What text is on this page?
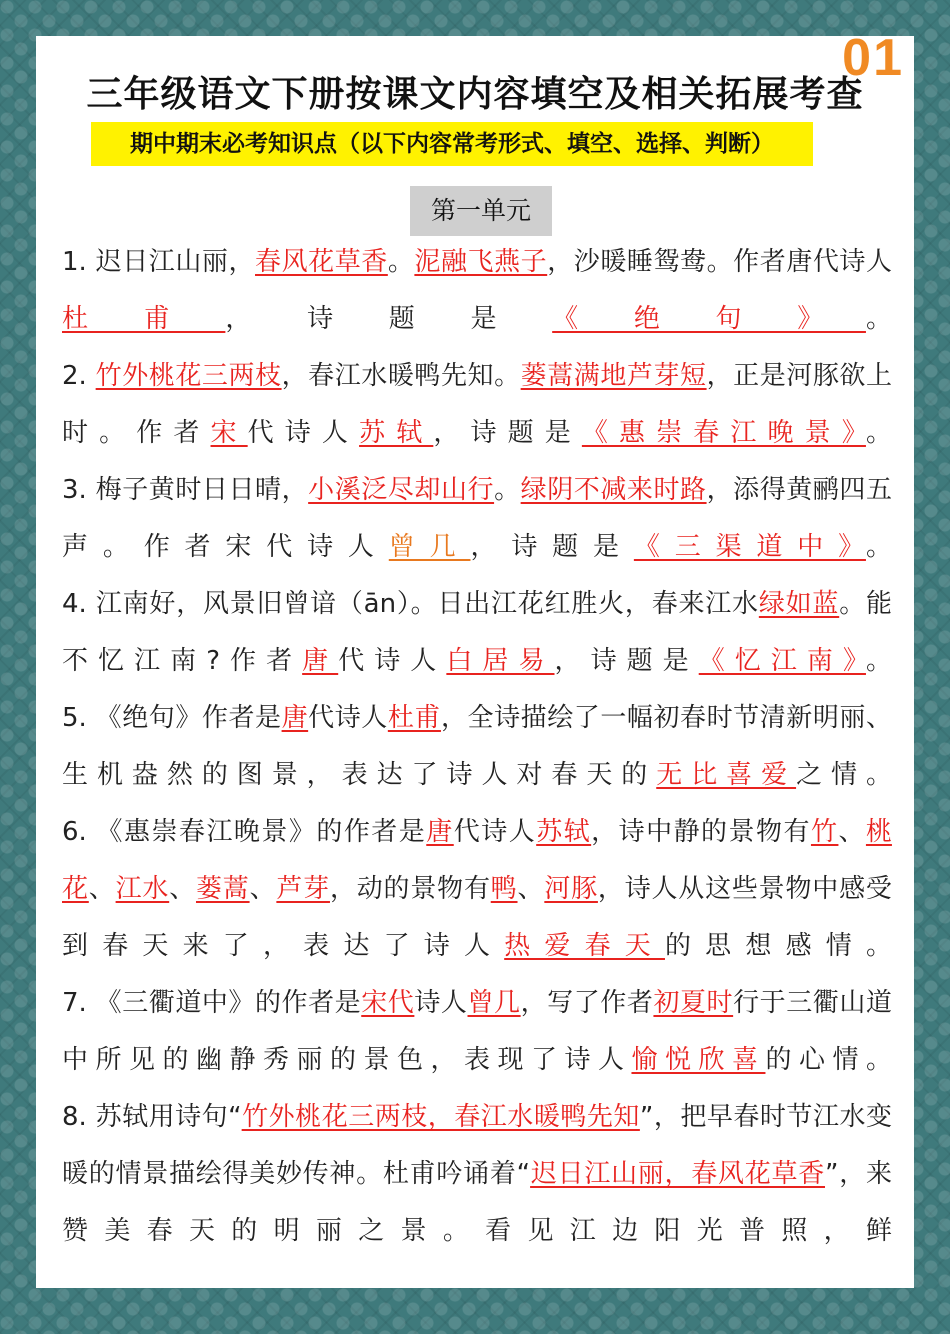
01
三年级语文下册按课文内容填空及相关拓展考查
期中期末必考知识点（以下内容常考形式、填空、选择、判断）
第一单元

1. 迟日江山丽，春风花草香。泥融飞燕子，沙暖睡鸳鸯。作者唐代诗人杜甫，诗题是《绝句》。

2. 竹外桃花三两枝，春江水暖鸭先知。蒌蒿满地芦芽短，正是河豚欲上时。作者宋代诗人苏轼，诗题是《惠崇春江晚景》。

3. 梅子黄时日日晴，小溪泛尽却山行。绿阴不减来时路，添得黄鹂四五声。作者宋代诗人曾几，诗题是《三渠道中》。

4. 江南好，风景旧曾谙（ān）。日出江花红胜火，春来江水绿如蓝。能不忆江南?作者唐代诗人白居易，诗题是《忆江南》。

5. 《绝句》作者是唐代诗人杜甫，全诗描绘了一幅初春时节清新明丽、生机盎然的图景，表达了诗人对春天的无比喜爱之情。

6. 《惠崇春江晚景》的作者是唐代诗人苏轼，诗中静的景物有竹、桃花、江水、蒌蒿、芦芽，动的景物有鸭、河豚，诗人从这些景物中感受到春天来了，表达了诗人热爱春天的思想感情。

7. 《三衢道中》的作者是宋代诗人曾几，写了作者初夏时行于三衢山道中所见的幽静秀丽的景色，表现了诗人愉悦欣喜的心情。

8. 苏轼用诗句“竹外桃花三两枝，春江水暖鸭先知”，把早春时节江水变暖的情景描绘得美妙传神。杜甫吟诵着“迟日江山丽，春风花草香”，来赞美春天的明丽之景。看见江边阳光普照，鲜
